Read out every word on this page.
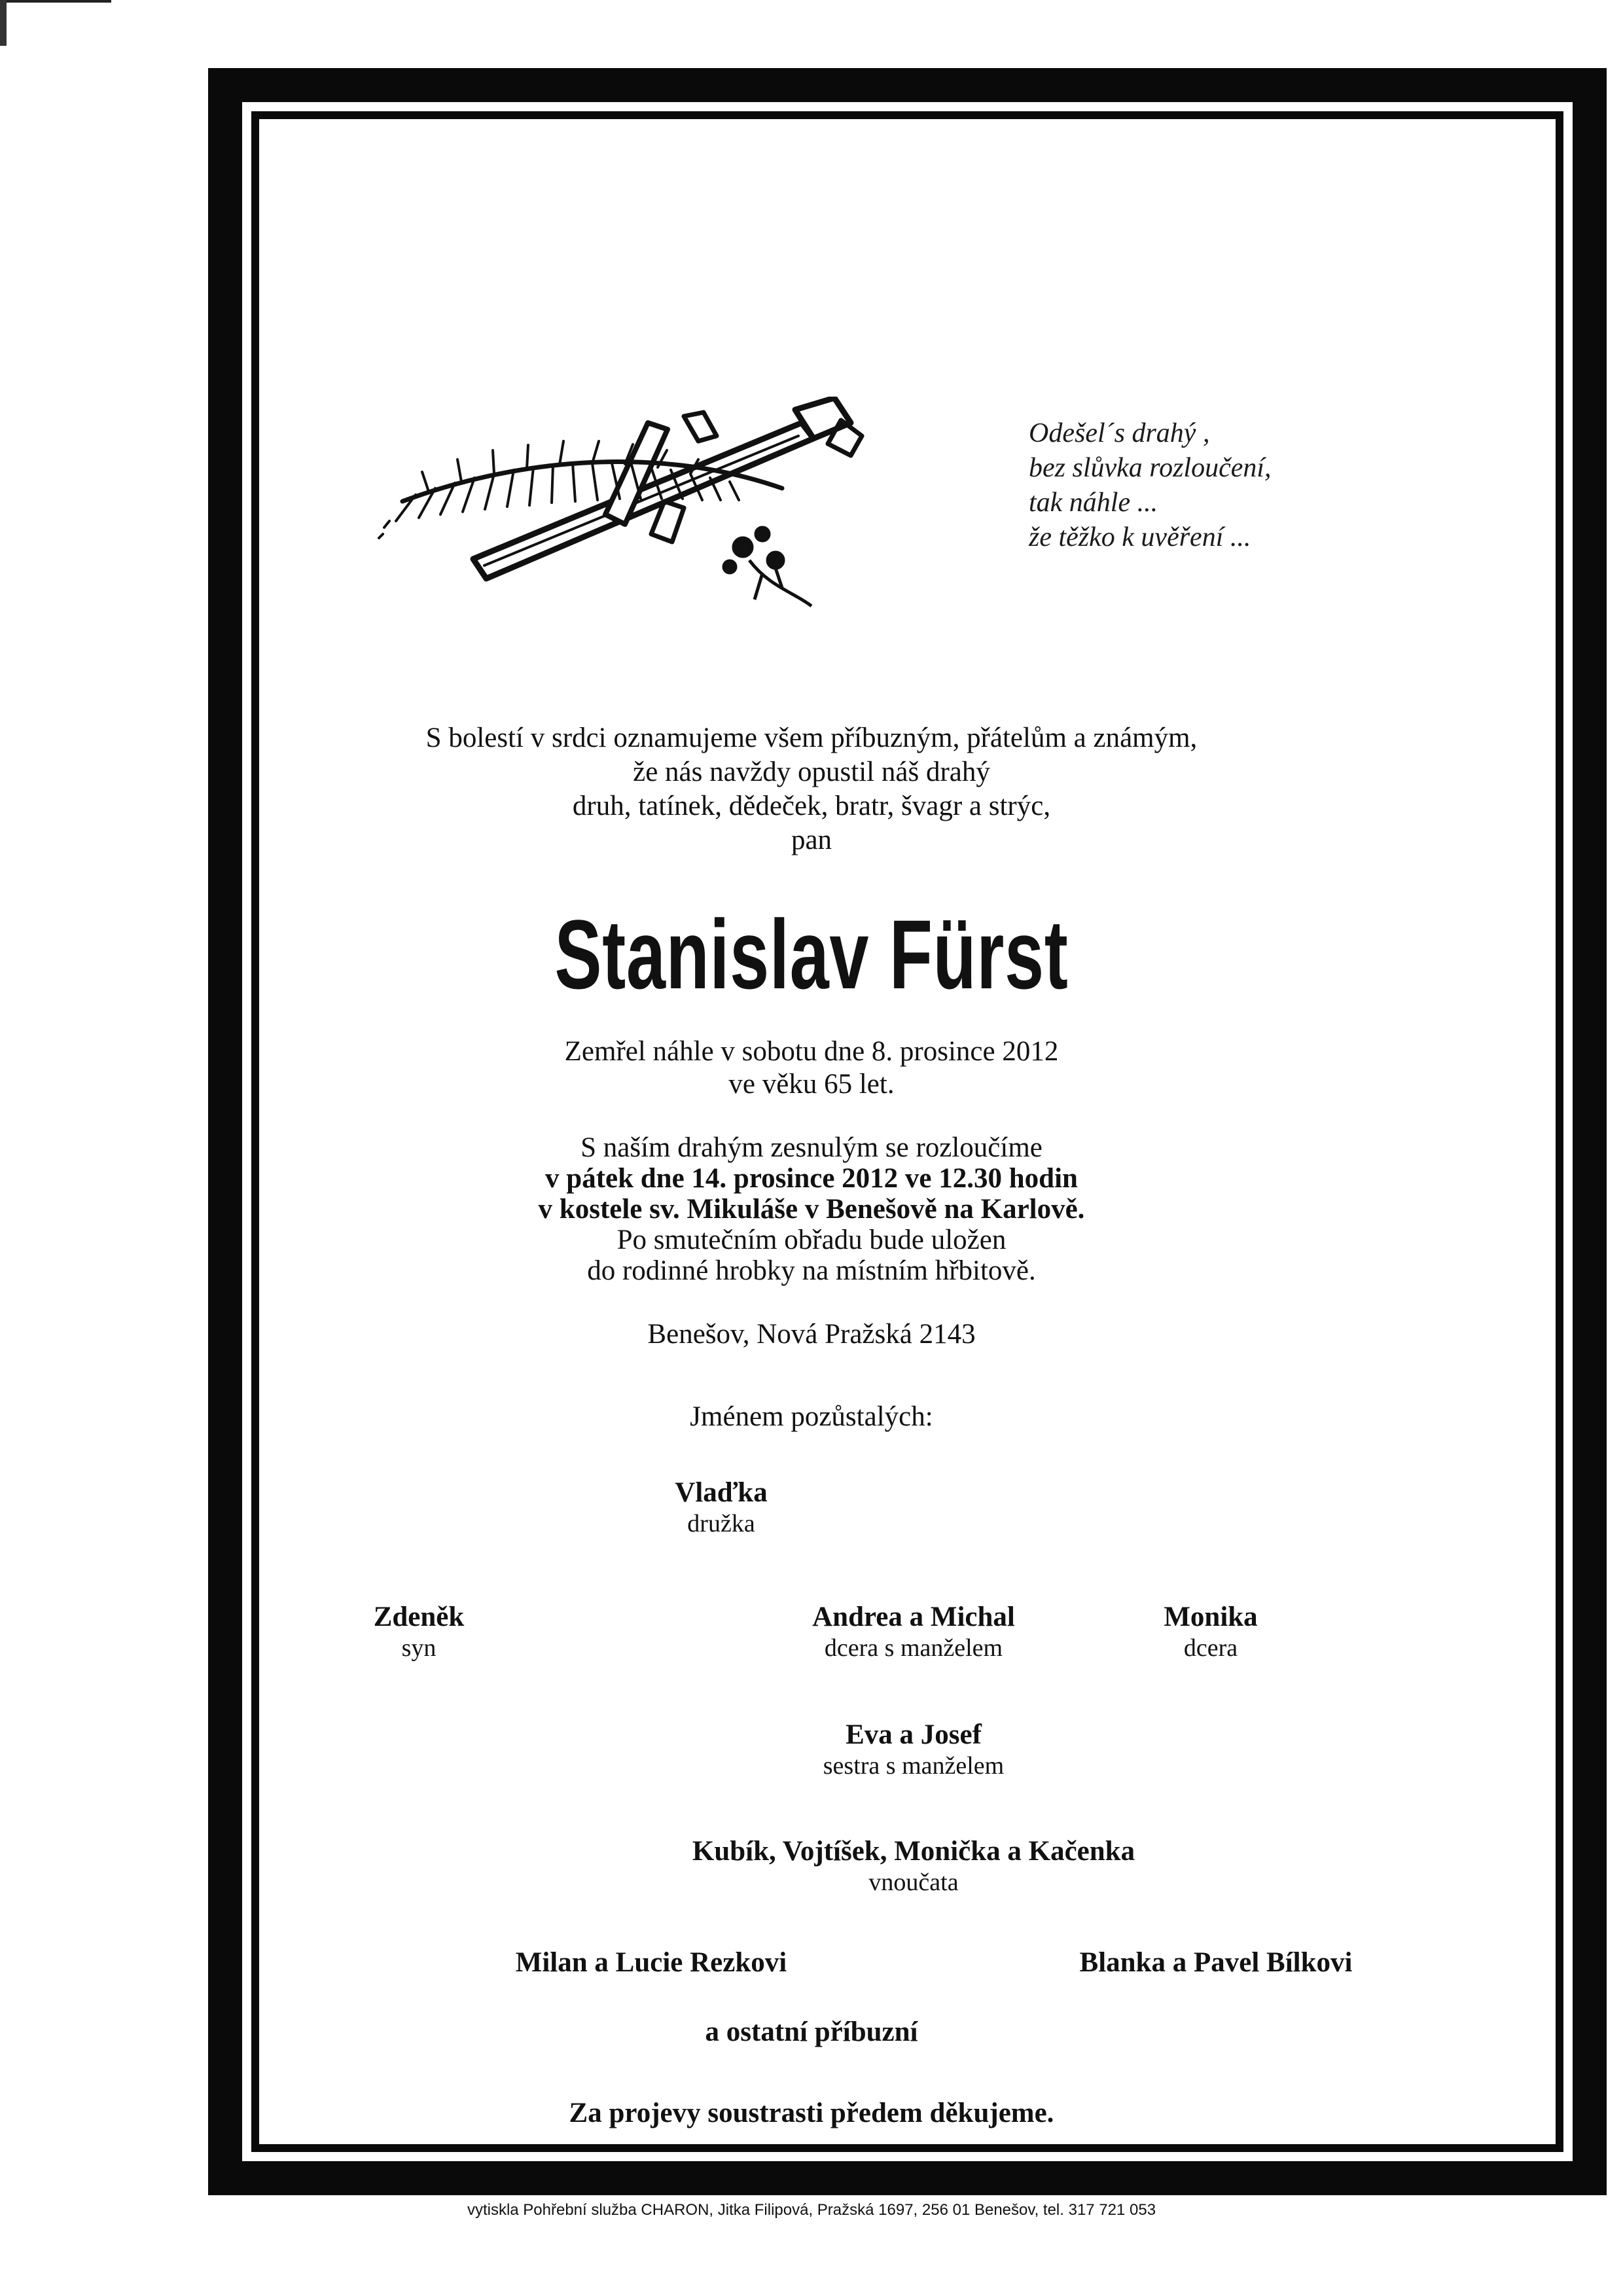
Odešel´s drahý ,
bez slůvka rozloučení,
tak náhle ...
že těžko k uvěření ...
S bolestí v srdci oznamujeme všem příbuzným, přátelům a známým,
že nás navždy opustil náš drahý
druh, tatínek, dědeček, bratr, švagr a strýc,
pan
Stanislav Fürst
Zemřel náhle v sobotu dne 8. prosince 2012
ve věku 65 let.
S naším drahým zesnulým se rozloučíme
v pátek dne 14. prosince 2012 ve 12.30 hodin
v kostele sv. Mikuláše v Benešově na Karlově.
Po smutečním obřadu bude uložen
do rodinné hrobky na místním hřbitově.
Benešov, Nová Pražská 2143
Jménem pozůstalých:
Vlaďka
družka
Zdeněk
syn
Andrea a Michal
dcera s manželem
Monika
dcera
Eva a Josef
sestra s manželem
Kubík, Vojtíšek, Monička a Kačenka
vnoučata
Milan a Lucie Rezkovi	Blanka a Pavel Bílkovi
a ostatní příbuzní
Za projevy soustrasti předem děkujeme.
vytiskla Pohřební služba CHARON, Jitka Filipová, Pražská 1697, 256 01 Benešov, tel. 317 721 053
